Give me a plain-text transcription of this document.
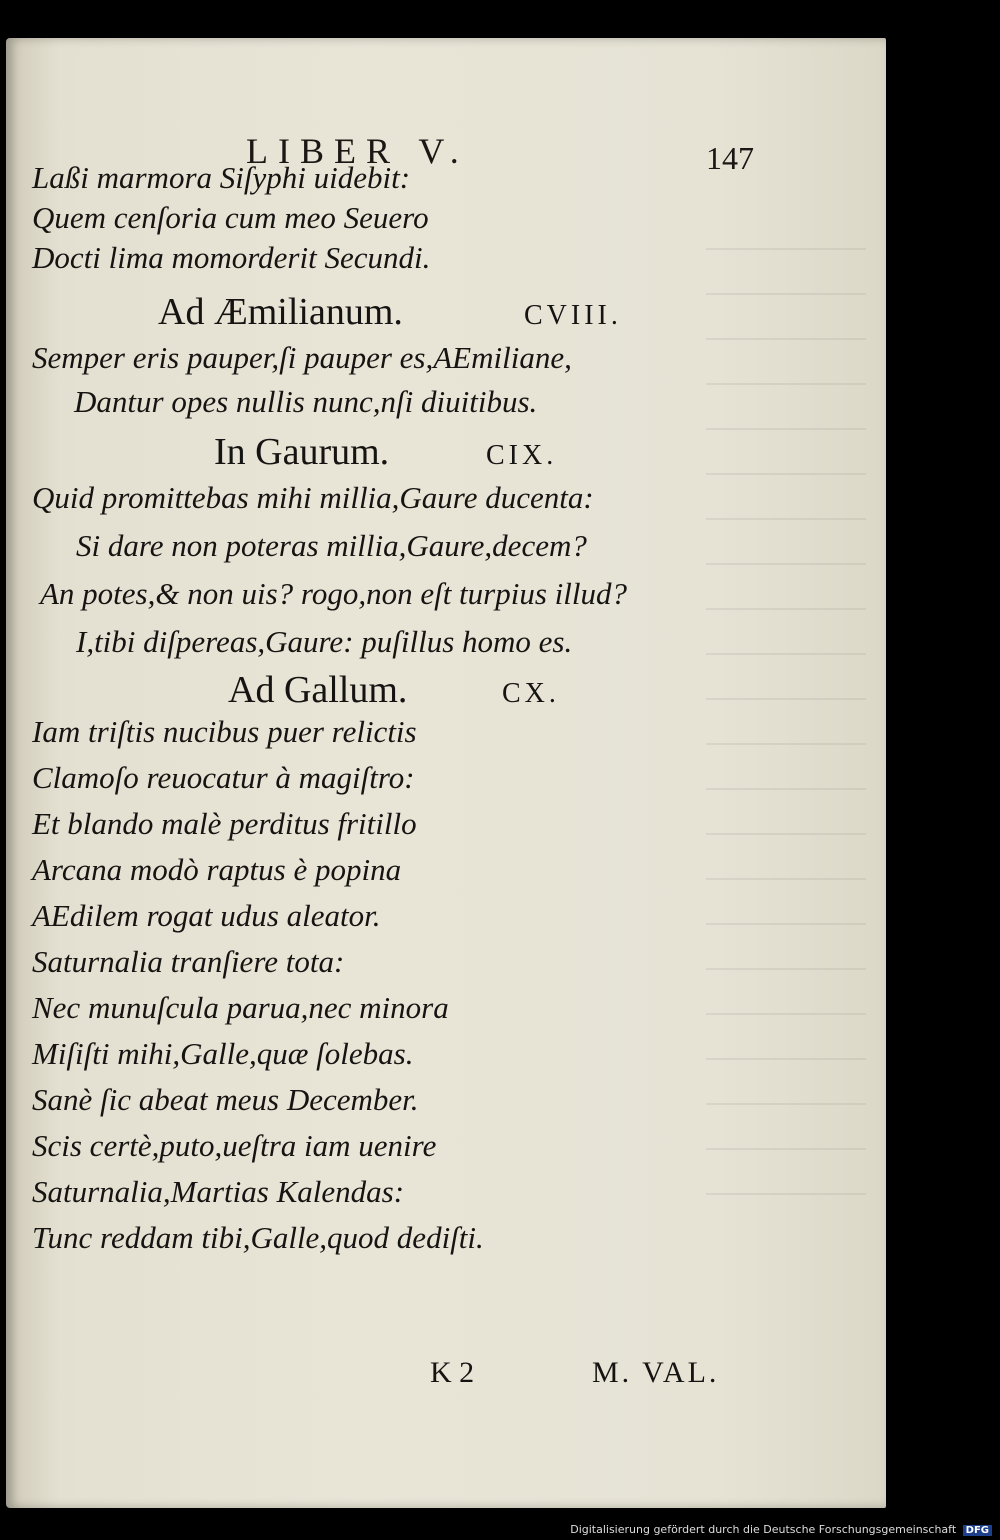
LIBER V.	147
Laßi marmora Siſyphi uidebit:
Quem cenſoria cum meo Seuero
Docti lima momorderit Secundi.
Ad Æmilianum.	CVIII.
Semper eris pauper,ſi pauper es,AEmiliane,
Dantur opes nullis nunc,nſi diuitibus.
In Gaurum.	CIX.
Quid promittebas mihi millia,Gaure ducenta:
Si dare non poteras millia,Gaure,decem?
An potes,& non uis? rogo,non eſt turpius illud?
I,tibi diſpereas,Gaure: puſillus homo es.
Ad Gallum.	CX.
Iam triſtis nucibus puer relictis
Clamoſo reuocatur à magiſtro:
Et blando malè perditus fritillo
Arcana modò raptus è popina
AEdilem rogat udus aleator.
Saturnalia tranſiere tota:
Nec munuſcula parua,nec minora
Miſiſti mihi,Galle,quæ ſolebas.
Sanè ſic abeat meus December.
Scis certè,puto,ueſtra iam uenire
Saturnalia,Martias Kalendas:
Tunc reddam tibi,Galle,quod dediſti.
K 2	M. VAL.
Digitalisierung gefördert durch die Deutsche Forschungsgemeinschaft DFG
